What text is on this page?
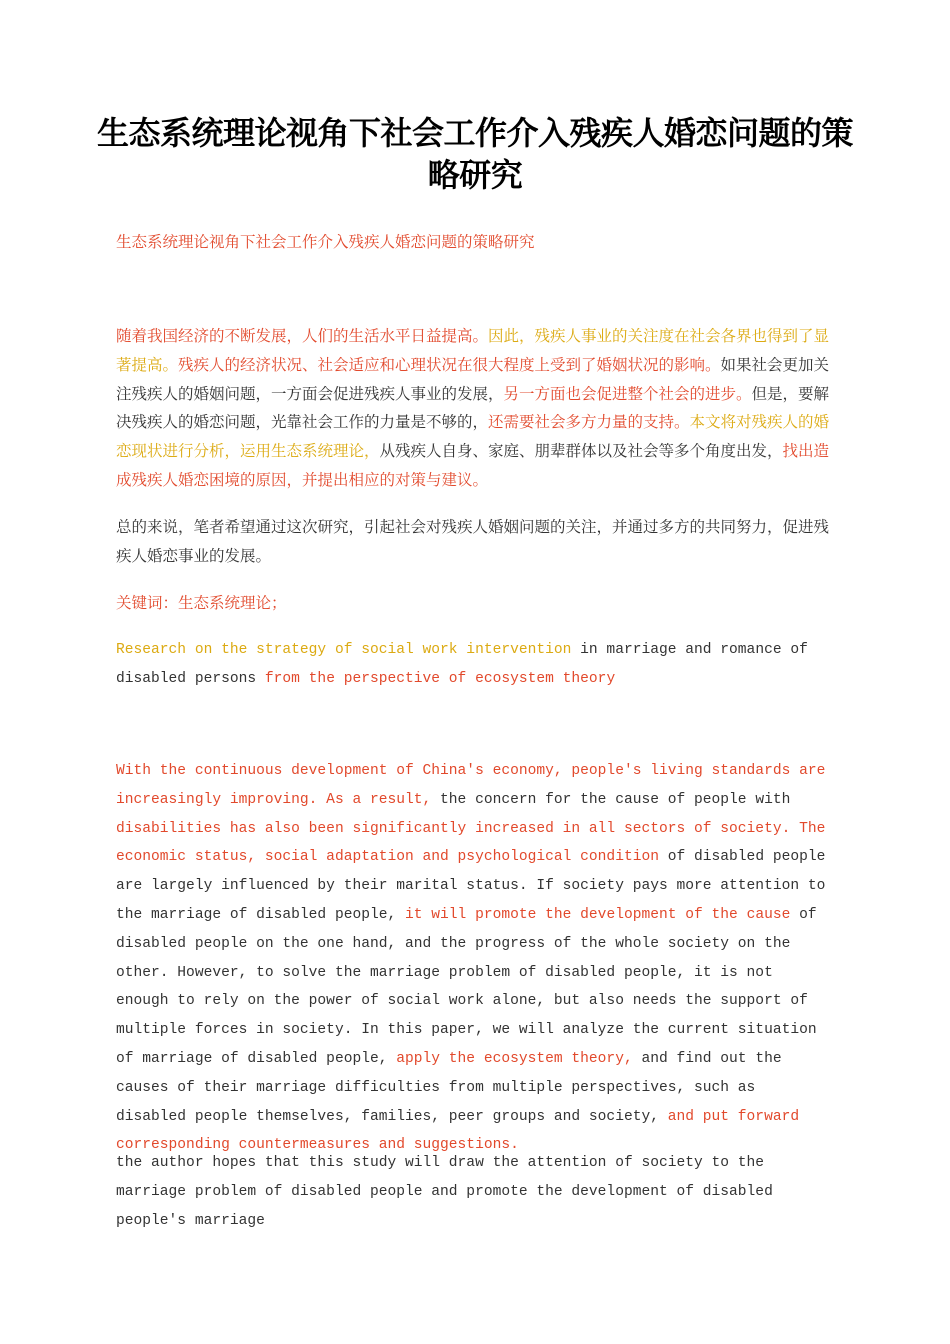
生态系统理论视角下社会工作介入残疾人婚恋问题的策略研究
生态系统理论视角下社会工作介入残疾人婚恋问题的策略研究

随着我国经济的不断发展，人们的生活水平日益提高。因此，残疾人事业的关注度在社会各界也得到了显著提高。残疾人的经济状况、社会适应和心理状况在很大程度上受到了婚姻状况的影响。如果社会更加关注残疾人的婚姻问题，一方面会促进残疾人事业的发展，另一方面也会促进整个社会的进步。但是，要解决残疾人的婚恋问题，光靠社会工作的力量是不够的，还需要社会多方力量的支持。本文将对残疾人的婚恋现状进行分析，运用生态系统理论，从残疾人自身、家庭、朋辈群体以及社会等多个角度出发，找出造成残疾人婚恋困境的原因，并提出相应的对策与建议。

总的来说，笔者希望通过这次研究，引起社会对残疾人婚姻问题的关注，并通过多方的共同努力，促进残疾人婚恋事业的发展。

关键词：生态系统理论；

Research on the strategy of social work intervention in marriage and romance of disabled persons from the perspective of ecosystem theory

With the continuous development of China's economy, people's living standards are increasingly improving. As a result, the concern for the cause of people with disabilities has also been significantly increased in all sectors of society. The economic status, social adaptation and psychological condition of disabled people are largely influenced by their marital status. If society pays more attention to the marriage of disabled people, it will promote the development of the cause of disabled people on the one hand, and the progress of the whole society on the other. However, to solve the marriage problem of disabled people, it is not enough to rely on the power of social work alone, but also needs the support of multiple forces in society. In this paper, we will analyze the current situation of marriage of disabled people, apply the ecosystem theory, and find out the causes of their marriage difficulties from multiple perspectives, such as disabled people themselves, families, peer groups and society, and put forward corresponding countermeasures and suggestions.

the author hopes that this study will draw the attention of society to the marriage problem of disabled people and promote the development of disabled people's marriage
